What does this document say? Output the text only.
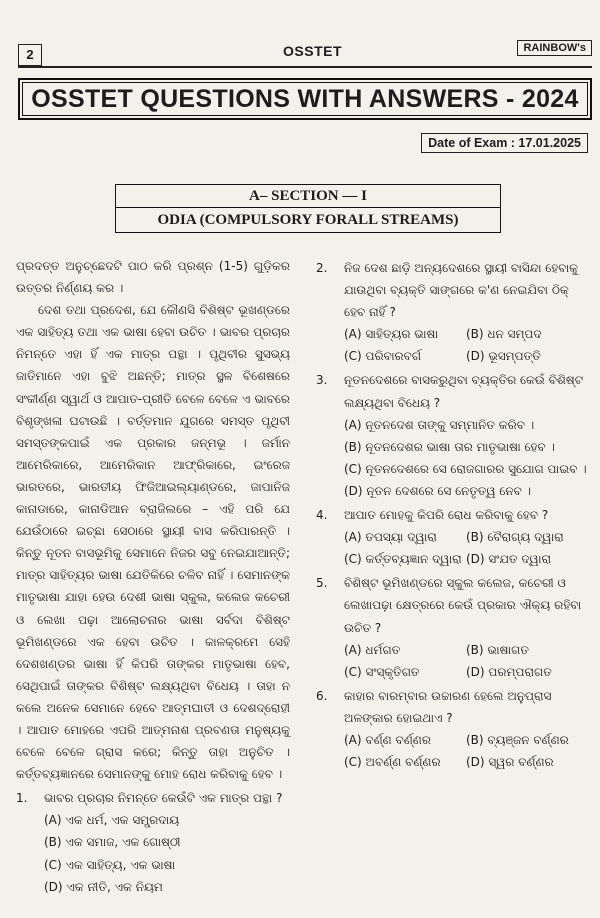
2	OSSTET	RAINBOW's
OSSTET QUESTIONS WITH ANSWERS - 2024
Date of Exam : 17.01.2025
A– SECTION — I
ODIA (COMPULSORY FORALL STREAMS)

ପ୍ରଦତ୍ତ ଅନୁଚ୍ଛେଦଟି ପାଠ କରି ପ୍ରଶ୍ନ (1-5) ଗୁଡ଼ିକର ଉତ୍ତର ନିର୍ଣ୍ଣୟ କର ।

ଦେଶ ତଥା ପ୍ରଦେଶ, ଯେ କୌଣସି ବିଶିଷ୍ଟ ଭୂଖଣ୍ଡରେ ଏକ ସାହିତ୍ୟ ତଥା ଏକ ଭାଷା ହେବା ଉଚିତ । ଭାବର ପ୍ରଚାର ନିମନ୍ତେ ଏହା ହିଁ ଏକ ମାତ୍ର ପନ୍ଥା । ପୃଥିବୀର ସୁସଭ୍ୟ ଜାତିମାନେ ଏହା ବୁଝି ଅଛନ୍ତି; ମାତ୍ର ସ୍ଥଳ ବିଶେଷରେ ସଂକୀର୍ଣ୍ଣ ସ୍ୱାର୍ଥ ଓ ଆପାତ-ପ୍ରୀତି ବେଳେ ବେଳେ ଏ ଭାବରେ ବିଶୃଙ୍ଖଳା ଘଟାଉଛି । ବର୍ତ୍ତମାନ ଯୁଗରେ ସମସ୍ତ ପୃଥିବୀ ସମସ୍ତଙ୍କପାଇଁ ଏକ ପ୍ରକାର ଜନ୍ମଭୂ । ଜର୍ମାନ ଆମେରିକାରେ, ଆମେରିକାନ ଆଫ୍ରିକାରେ, ଇଂରେଜ ଭାରତରେ, ଭାରତୀୟ ଫିଜିଆଇଲ୍ୟାଣ୍ଡରେ, ଜାପାନିଜ କାନାଡାରେ, କାନାଡିଆନ ବ୍ରାଜିଲରେ – ଏହି ପରି ଯେ ଯେଉଁଠାରେ ଇଚ୍ଛା ସେଠାରେ ସ୍ଥାୟୀ ବାସ କରିପାରନ୍ତି । କିନ୍ତୁ ନୂତନ ବାସଭୂମିକୁ ସେମାନେ ନିଜର ସବୁ ନେଇଯାଆନ୍ତି; ମାତ୍ର ସାହିତ୍ୟର ଭାଷା ଯେତିକିରେ ଚଳିବ ନାହିଁ । ସେମାନଙ୍କ ମାତୃଭାଷା ଯାହା ହେଉ ଦେଶୀ ଭାଷା ସ୍କୁଲ, କଲେଜ କଚେରୀ ଓ ଲେଖା ପଢ଼ା ଆଲୋଚନାର ଭାଷା ସର୍ବଦା ବିଶିଷ୍ଟ ଭୂମିଖଣ୍ଡରେ ଏକ ହେବା ଉଚିତ । କାଳକ୍ରମେ ସେହି ଦେଶଖଣ୍ଡର ଭାଷା ହିଁ କିପରି ତାଙ୍କର ମାତୃଭାଷା ହେବ, ସେଥିପାଇଁ ତାଙ୍କର ବିଶିଷ୍ଟ ଲକ୍ଷ୍ୟଥିବା ବିଧେୟ । ତାହା ନ କଲେ ଅନେକ ସେମାନେ ହେବେ ଆତ୍ମଘାତୀ ଓ ଦେଶଦ୍ରୋହୀ । ଆପାତ ମୋହରେ ଏପରି ଆତ୍ମନାଶ ପ୍ରବଣତା ମନୁଷ୍ୟକୁ ବେଳେ ବେଳେ ଗ୍ରାସ କରେ; କିନ୍ତୁ ତାହା ଅନୁଚିତ । କର୍ତ୍ତବ୍ୟଜ୍ଞାନରେ ସେମାନଙ୍କୁ ମୋହ ରୋଧ କରିବାକୁ ହେବ ।

1.	ଭାବର ପ୍ରଚାର ନିମନ୍ତେ କେଉଁଟି ଏକ ମାତ୍ର ପନ୍ଥା ?
(A) ଏକ ଧର୍ମ, ଏକ ସମ୍ପ୍ରଦାୟ
(B) ଏକ ସମାଜ, ଏକ ଗୋଷ୍ଠୀ
(C) ଏକ ସାହିତ୍ୟ, ଏକ ଭାଷା
(D) ଏକ ନୀତି, ଏକ ନିୟମ
2.	ନିଜ ଦେଶ ଛାଡ଼ି ଅନ୍ୟଦେଶରେ ସ୍ଥାୟୀ ବାସିନ୍ଦା ହେବାକୁ ଯାଉଥିବା ବ୍ୟକ୍ତି ସାଙ୍ଗରେ କ'ଣ ନେଇଯିବା ଠିକ୍ ହେବ ନାହିଁ ?
(A) ସାହିତ୍ୟର ଭାଷା	(B) ଧନ ସମ୍ପଦ
(C) ପରିବାରବର୍ଗ	(D) ଭୂସମ୍ପତ୍ତି
3.	ନୂତନଦେଶରେ ବାସକରୁଥିବା ବ୍ୟକ୍ତିର କେଉଁ ବିଶିଷ୍ଟ ଲକ୍ଷ୍ୟଥିବା ବିଧେୟ ?
(A) ନୂତନଦେଶ ତାଙ୍କୁ ସମ୍ମାନିତ କରିବ ।
(B) ନୂତନଦେଶର ଭାଷା ତାର ମାତୃଭାଷା ହେବ ।
(C) ନୂତନଦେଶରେ ସେ ରୋଜଗାରର ସୁଯୋଗ ପାଇବ ।
(D) ନୂତନ ଦେଶରେ ସେ ନେତୃତ୍ୱ ନେବ ।
4.	ଆପାତ ମୋହକୁ କିପରି ରୋଧ କରିବାକୁ ହେବ ?
(A) ତପସ୍ୟା ଦ୍ୱାରା	(B) ବୈରାଗ୍ୟ ଦ୍ୱାରା
(C) କର୍ତ୍ତବ୍ୟଜ୍ଞାନ ଦ୍ୱାରା (D) ସଂଯତ ଦ୍ୱାରା
5.	ବିଶିଷ୍ଟ ଭୂମିଖଣ୍ଡରେ ସ୍କୁଲ କଲେଜ, କଚେରୀ ଓ ଲେଖାପଢ଼ା କ୍ଷେତ୍ରରେ କେଉଁ ପ୍ରକାର ଐକ୍ୟ ରହିବା ଉଚିତ ?
(A) ଧର୍ମଗତ	(B) ଭାଷାଗତ
(C) ସଂସ୍କୃତିଗତ	(D) ପରମ୍ପରାଗତ
6.	କାହାର ବାରମ୍ବାର ଉଚ୍ଚାରଣ ହେଲେ ଅନୁପ୍ରାସ ଅଳଙ୍କାର ହୋଇଥାଏ ?
(A) ବର୍ଣ୍ଣ ବର୍ଣ୍ଣର	(B) ବ୍ୟଞ୍ଜନ ବର୍ଣ୍ଣର
(C) ଅବର୍ଣ୍ଣ ବର୍ଣ୍ଣର	(D) ସ୍ୱର ବର୍ଣ୍ଣର
